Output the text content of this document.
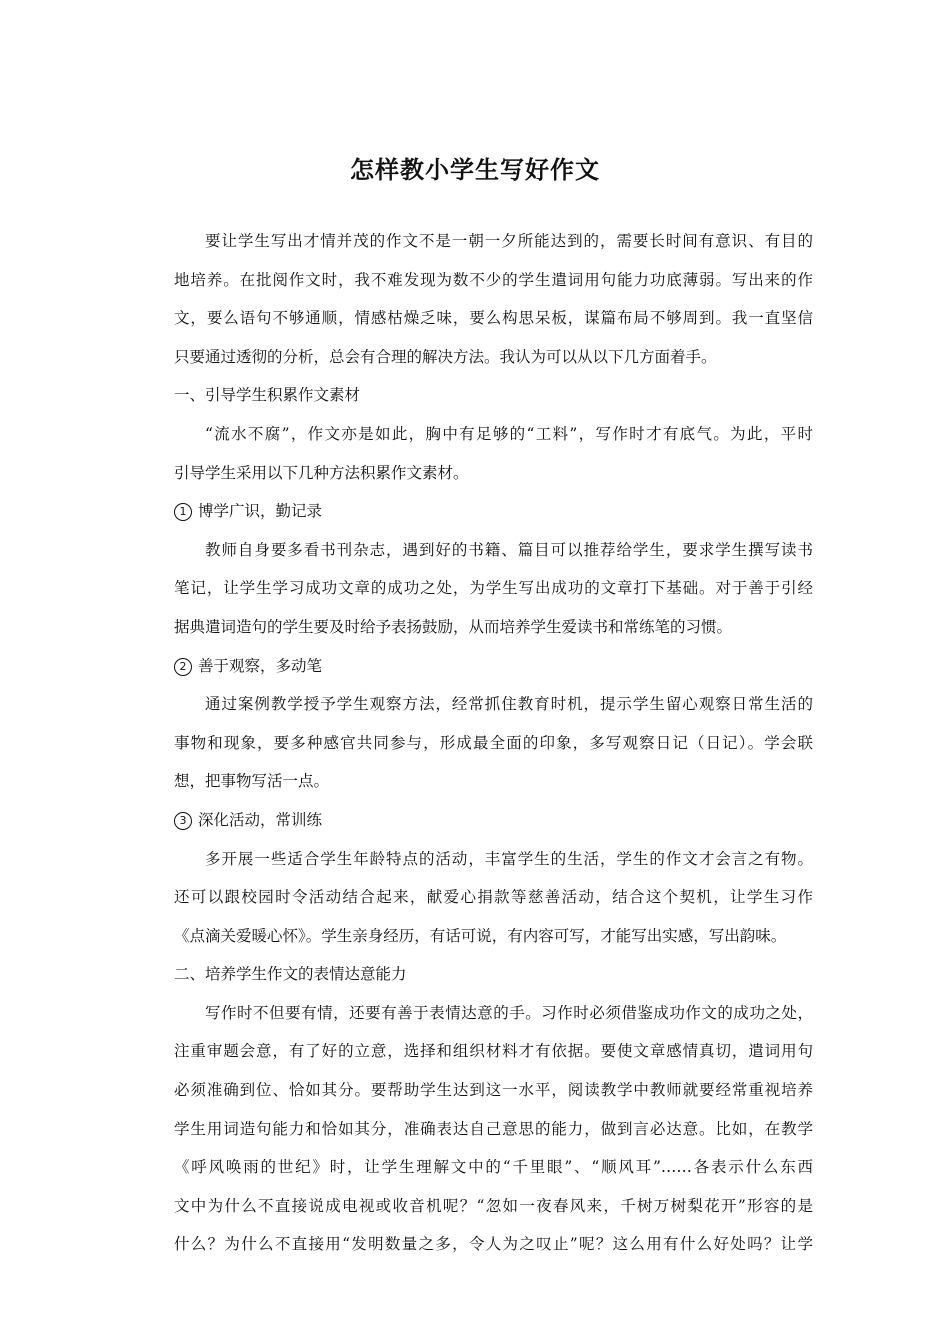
怎样教小学生写好作文
要让学生写出才情并茂的作文不是一朝一夕所能达到的，需要长时间有意识、有目的
地培养。在批阅作文时，我不难发现为数不少的学生遣词用句能力功底薄弱。写出来的作
文，要么语句不够通顺，情感枯燥乏味，要么构思呆板，谋篇布局不够周到。我一直坚信
只要通过透彻的分析，总会有合理的解决方法。我认为可以从以下几方面着手。
一、引导学生积累作文素材
“流水不腐”，作文亦是如此，胸中有足够的“工料”，写作时才有底气。为此，平时
引导学生采用以下几种方法积累作文素材。
1 博学广识，勤记录
教师自身要多看书刊杂志，遇到好的书籍、篇目可以推荐给学生，要求学生撰写读书
笔记，让学生学习成功文章的成功之处，为学生写出成功的文章打下基础。对于善于引经
据典遣词造句的学生要及时给予表扬鼓励，从而培养学生爱读书和常练笔的习惯。
2 善于观察，多动笔
通过案例教学授予学生观察方法，经常抓住教育时机，提示学生留心观察日常生活的
事物和现象，要多种感官共同参与，形成最全面的印象，多写观察日记（日记）。学会联
想，把事物写活一点。
3 深化活动，常训练
多开展一些适合学生年龄特点的活动，丰富学生的生活，学生的作文才会言之有物。
还可以跟校园时令活动结合起来，献爱心捐款等慈善活动，结合这个契机，让学生习作
《点滴关爱暖心怀》。学生亲身经历，有话可说，有内容可写，才能写出实感，写出韵味。
二、培养学生作文的表情达意能力
写作时不但要有情，还要有善于表情达意的手。习作时必须借鉴成功作文的成功之处，
注重审题会意，有了好的立意，选择和组织材料才有依据。要使文章感情真切，遣词用句
必须准确到位、恰如其分。要帮助学生达到这一水平，阅读教学中教师就要经常重视培养
学生用词造句能力和恰如其分，准确表达自己意思的能力，做到言必达意。比如，在教学
《呼风唤雨的世纪》时，让学生理解文中的“千里眼”、“顺风耳”……各表示什么东西
文中为什么不直接说成电视或收音机呢？“忽如一夜春风来，千树万树梨花开”形容的是
什么？为什么不直接用“发明数量之多，令人为之叹止”呢？这么用有什么好处吗？让学
